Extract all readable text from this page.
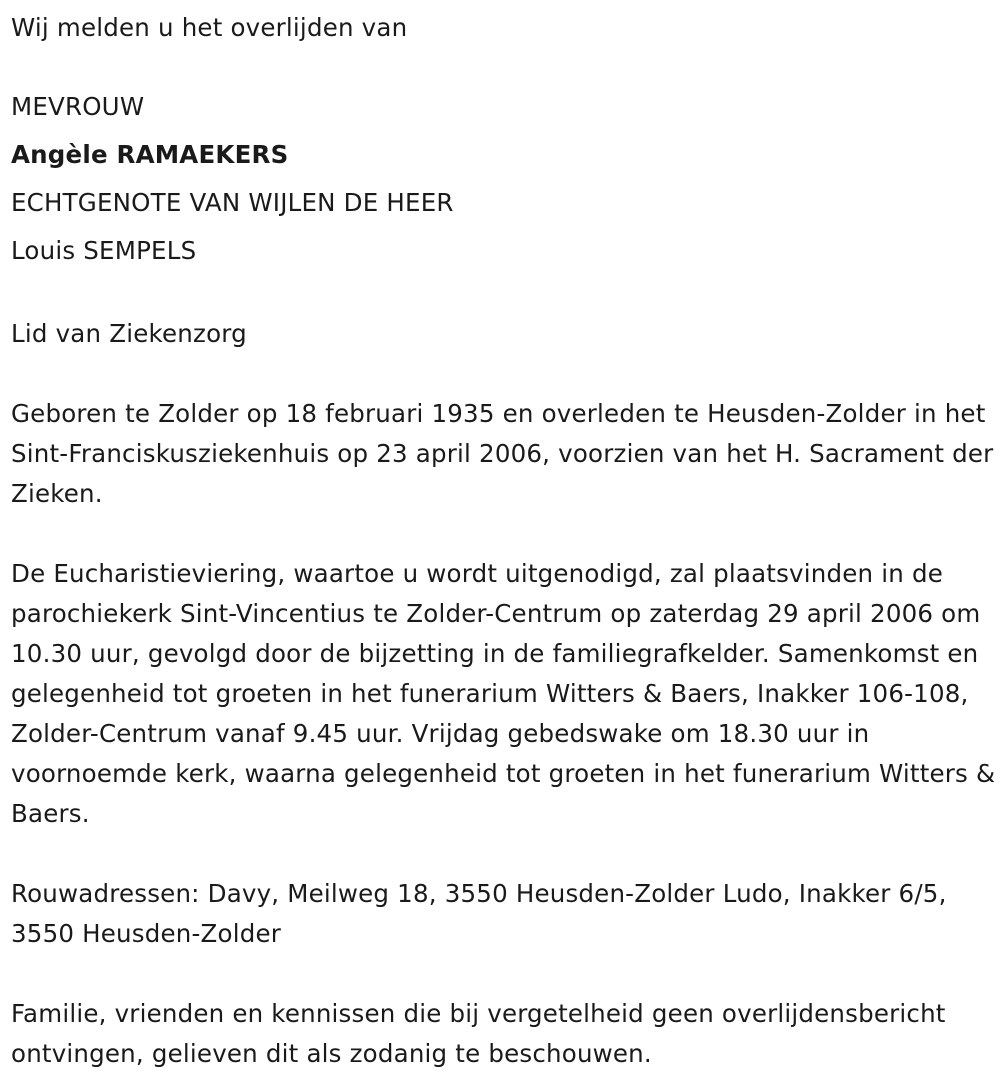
Wij melden u het overlijden van

MEVROUW

Angèle RAMAEKERS

ECHTGENOTE VAN WIJLEN DE HEER

Louis SEMPELS

Lid van Ziekenzorg

Geboren te Zolder op 18 februari 1935 en overleden te Heusden-Zolder in het Sint-Franciskusziekenhuis op 23 april 2006, voorzien van het H. Sacrament der Zieken.

De Eucharistieviering, waartoe u wordt uitgenodigd, zal plaatsvinden in de parochiekerk Sint-Vincentius te Zolder-Centrum op zaterdag 29 april 2006 om 10.30 uur, gevolgd door de bijzetting in de familiegrafkelder. Samenkomst en gelegenheid tot groeten in het funerarium Witters & Baers, Inakker 106-108, Zolder-Centrum vanaf 9.45 uur. Vrijdag gebedswake om 18.30 uur in voornoemde kerk, waarna gelegenheid tot groeten in het funerarium Witters & Baers.

Rouwadressen: Davy, Meilweg 18, 3550 Heusden-Zolder Ludo, Inakker 6/5, 3550 Heusden-Zolder

Familie, vrienden en kennissen die bij vergetelheid geen overlijdensbericht ontvingen, gelieven dit als zodanig te beschouwen.
